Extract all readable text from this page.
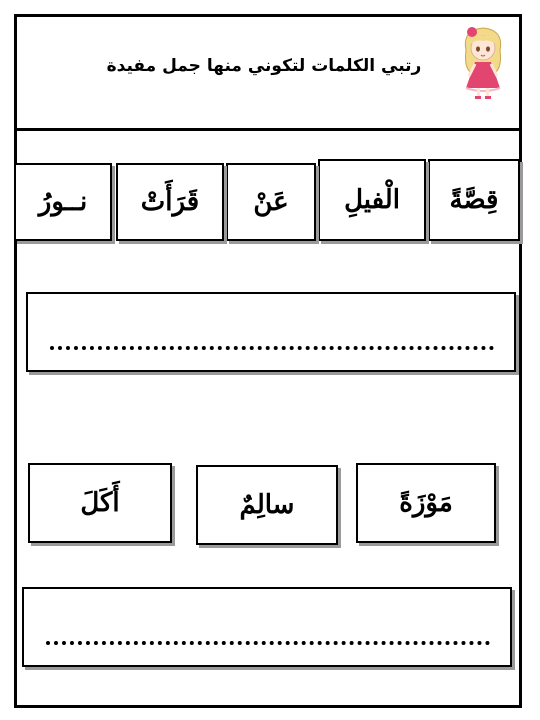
رتبي الكلمات لتكوني منها جمل مفيدة
قِصَّةً
الْفيلِ
عَنْ
قَرَأَتْ
نــورُ
مَوْزَةً
سالِمٌ
أَكَلَ
